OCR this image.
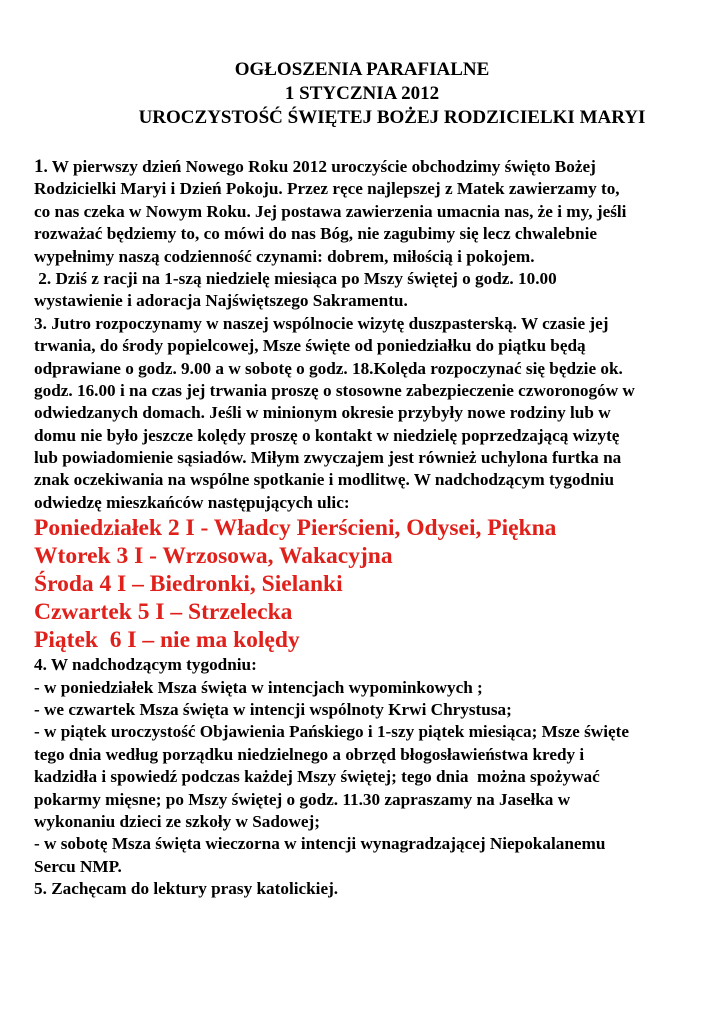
OGŁOSZENIA PARAFIALNE
1 STYCZNIA 2012
UROCZYSTOŚĆ ŚWIĘTEJ BOŻEJ RODZICIELKI MARYI
1. W pierwszy dzień Nowego Roku 2012 uroczyście obchodzimy święto Bożej
Rodzicielki Maryi i Dzień Pokoju. Przez ręce najlepszej z Matek zawierzamy to,
co nas czeka w Nowym Roku. Jej postawa zawierzenia umacnia nas, że i my, jeśli
rozważać będziemy to, co mówi do nas Bóg, nie zagubimy się lecz chwalebnie
wypełnimy naszą codzienność czynami: dobrem, miłością i pokojem.
2. Dziś z racji na 1-szą niedzielę miesiąca po Mszy świętej o godz. 10.00
wystawienie i adoracja Najświętszego Sakramentu.
3. Jutro rozpoczynamy w naszej wspólnocie wizytę duszpasterską. W czasie jej
trwania, do środy popielcowej, Msze święte od poniedziałku do piątku będą
odprawiane o godz. 9.00 a w sobotę o godz. 18.Kolęda rozpoczynać się będzie ok.
godz. 16.00 i na czas jej trwania proszę o stosowne zabezpieczenie czworonogów w
odwiedzanych domach. Jeśli w minionym okresie przybyły nowe rodziny lub w
domu nie było jeszcze kolędy proszę o kontakt w niedzielę poprzedzającą wizytę
lub powiadomienie sąsiadów. Miłym zwyczajem jest również uchylona furtka na
znak oczekiwania na wspólne spotkanie i modlitwę. W nadchodzącym tygodniu
odwiedzę mieszkańców następujących ulic:
Poniedziałek 2 I - Władcy Pierścieni, Odysei, Piękna
Wtorek 3 I - Wrzosowa, Wakacyjna
Środa 4 I – Biedronki, Sielanki
Czwartek 5 I – Strzelecka
Piątek  6 I – nie ma kolędy
4. W nadchodzącym tygodniu:
- w poniedziałek Msza święta w intencjach wypominkowych ;
- we czwartek Msza święta w intencji wspólnoty Krwi Chrystusa;
- w piątek uroczystość Objawienia Pańskiego i 1-szy piątek miesiąca; Msze święte
tego dnia według porządku niedzielnego a obrzęd błogosławieństwa kredy i
kadzidła i spowiedź podczas każdej Mszy świętej; tego dnia  można spożywać
pokarmy mięsne; po Mszy świętej o godz. 11.30 zapraszamy na Jasełka w
wykonaniu dzieci ze szkoły w Sadowej;
- w sobotę Msza święta wieczorna w intencji wynagradzającej Niepokalanemu
Sercu NMP.
5. Zachęcam do lektury prasy katolickiej.
